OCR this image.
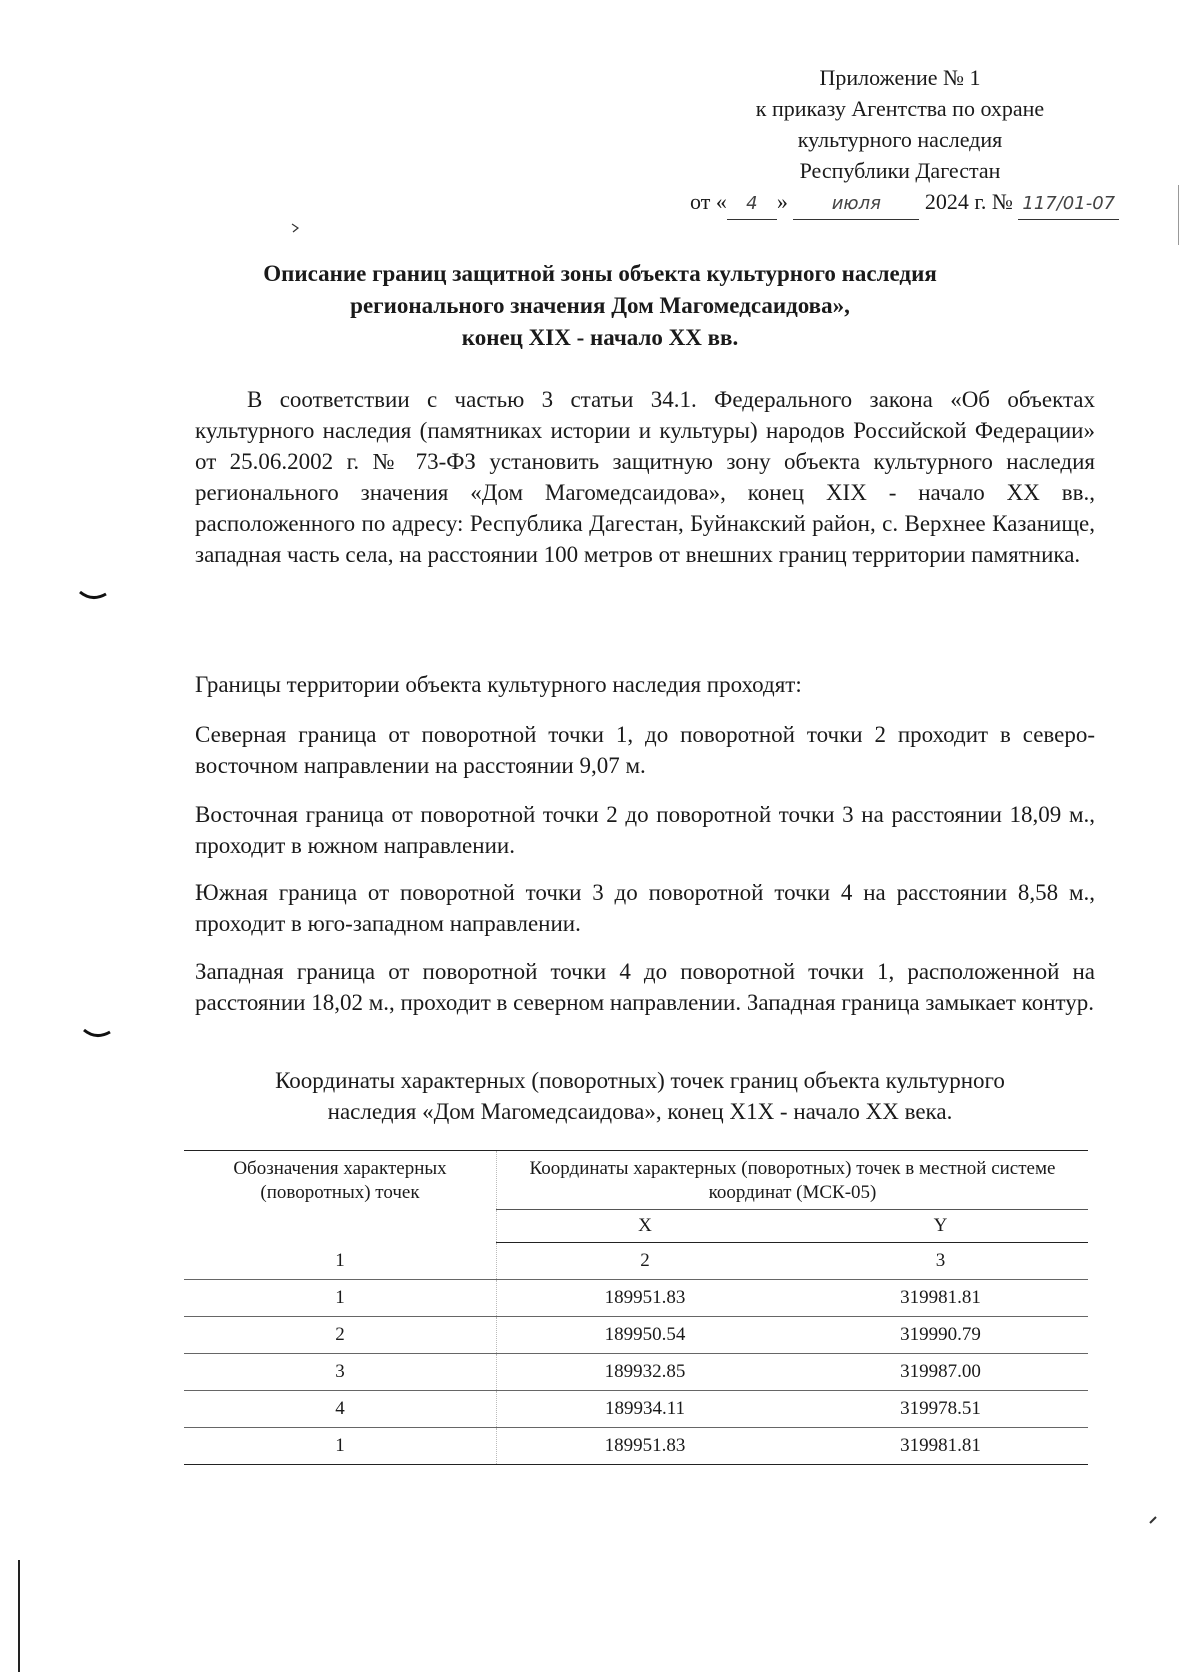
Приложение № 1
к приказу Агентства по охране
культурного наследия
Республики Дагестан
от « 4 » июля 2024 г. № 117/01-07
Описание границ защитной зоны объекта культурного наследия
регионального значения Дом Магомедсаидова»,
конец XIX - начало XX вв.

В соответствии с частью 3 статьи 34.1. Федерального закона «Об объектах культурного наследия (памятниках истории и культуры) народов Российской Федерации» от 25.06.2002 г. № 73-ФЗ установить защитную зону объекта культурного наследия регионального значения «Дом Магомедсаидова», конец XIX - начало XX вв., расположенного по адресу: Республика Дагестан, Буйнакский район, с. Верхнее Казанище, западная часть села, на расстоянии 100 метров от внешних границ территории памятника.

Границы территории объекта культурного наследия проходят:

Северная граница от поворотной точки 1, до поворотной точки 2 проходит в северо-восточном направлении на расстоянии 9,07 м.

Восточная граница от поворотной точки 2 до поворотной точки 3 на расстоянии 18,09 м., проходит в южном направлении.

Южная граница от поворотной точки 3 до поворотной точки 4 на расстоянии 8,58 м., проходит в юго-западном направлении.

Западная граница от поворотной точки 4 до поворотной точки 1, расположенной на расстоянии 18,02 м., проходит в северном направлении. Западная граница замыкает контур.

Координаты характерных (поворотных) точек границ объекта культурного
наследия «Дом Магомедсаидова», конец X1X - начало XX века.
Обозначения характерных (поворотных) точек	Координаты характерных (поворотных) точек в местной системе координат (МСК-05)	
	X	Y
1	2	3
1	189951.83	319981.81
2	189950.54	319990.79
3	189932.85	319987.00
4	189934.11	319978.51
1	189951.83	319981.81
